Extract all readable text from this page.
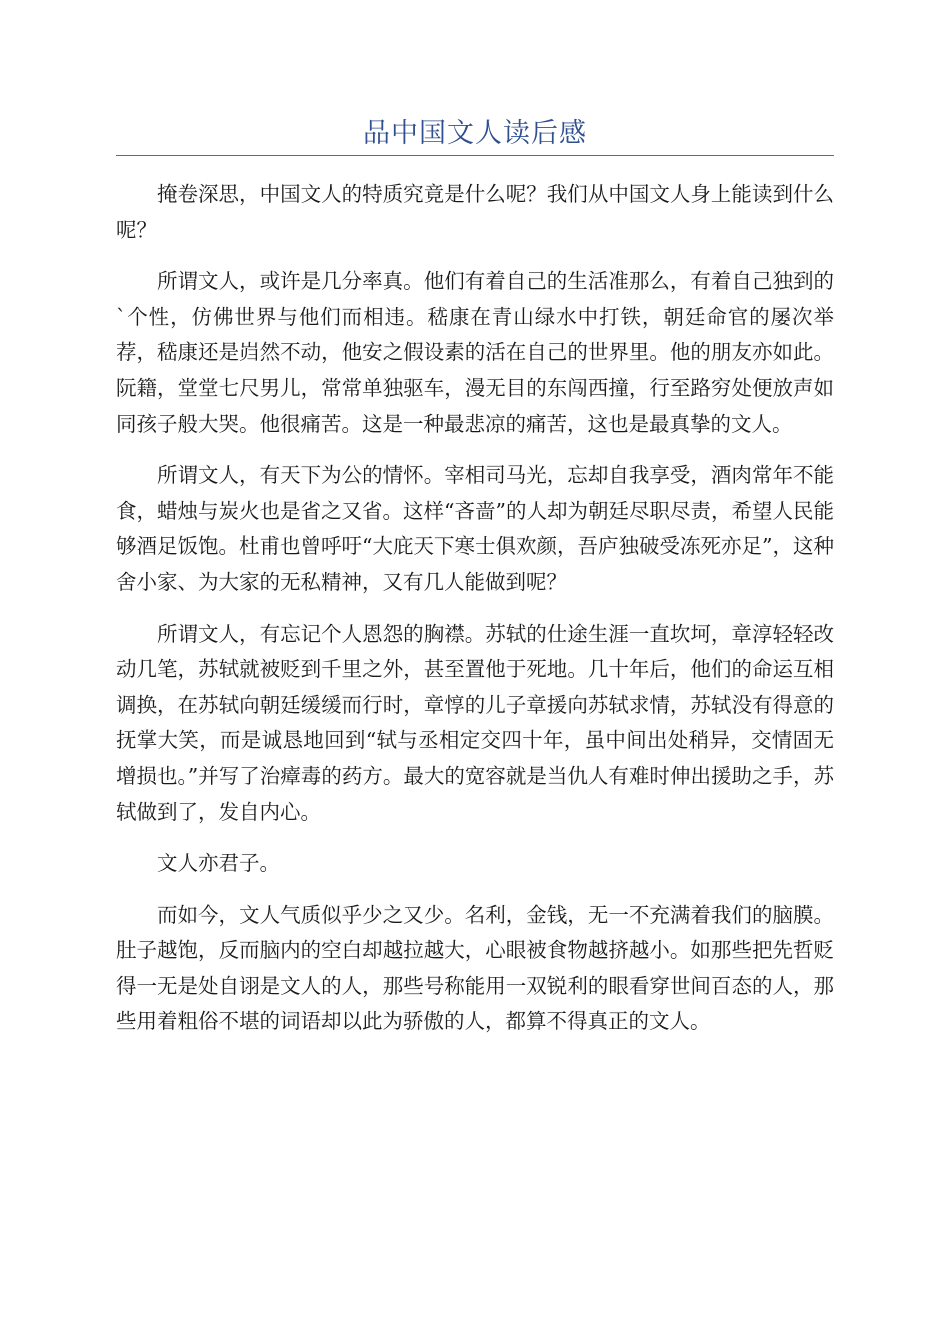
品中国文人读后感

掩卷深思，中国文人的特质究竟是什么呢？我们从中国文人身上能读到什么呢？

所谓文人，或许是几分率真。他们有着自己的生活准那么，有着自己独到的`个性，仿佛世界与他们而相违。嵇康在青山绿水中打铁，朝廷命官的屡次举荐，嵇康还是岿然不动，他安之假设素的活在自己的世界里。他的朋友亦如此。阮籍，堂堂七尺男儿，常常单独驱车，漫无目的东闯西撞，行至路穷处便放声如同孩子般大哭。他很痛苦。这是一种最悲凉的痛苦，这也是最真挚的文人。

所谓文人，有天下为公的情怀。宰相司马光，忘却自我享受，酒肉常年不能食，蜡烛与炭火也是省之又省。这样“吝啬”的人却为朝廷尽职尽责，希望人民能够酒足饭饱。杜甫也曾呼吁“大庇天下寒士俱欢颜，吾庐独破受冻死亦足”，这种舍小家、为大家的无私精神，又有几人能做到呢？

所谓文人，有忘记个人恩怨的胸襟。苏轼的仕途生涯一直坎坷，章淳轻轻改动几笔，苏轼就被贬到千里之外，甚至置他于死地。几十年后，他们的命运互相调换，在苏轼向朝廷缓缓而行时，章惇的儿子章援向苏轼求情，苏轼没有得意的抚掌大笑，而是诚恳地回到“轼与丞相定交四十年，虽中间出处稍异，交情固无增损也。”并写了治瘴毒的药方。最大的宽容就是当仇人有难时伸出援助之手，苏轼做到了，发自内心。

文人亦君子。

而如今，文人气质似乎少之又少。名利，金钱，无一不充满着我们的脑膜。肚子越饱，反而脑内的空白却越拉越大，心眼被食物越挤越小。如那些把先哲贬得一无是处自诩是文人的人，那些号称能用一双锐利的眼看穿世间百态的人，那些用着粗俗不堪的词语却以此为骄傲的人，都算不得真正的文人。
